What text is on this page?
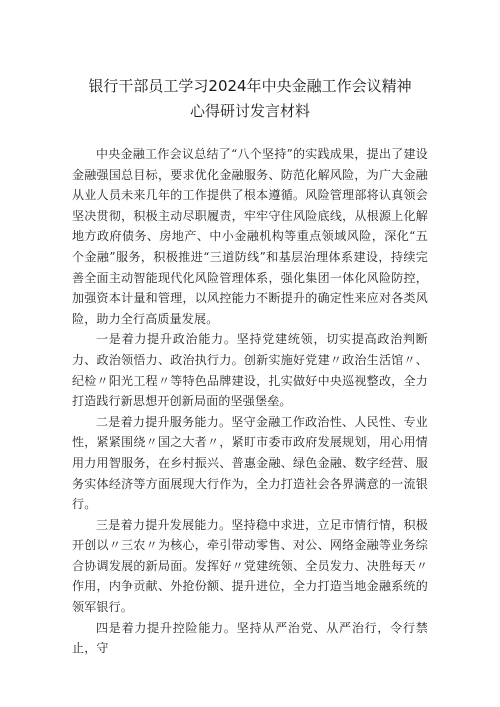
银行干部员工学习2024年中央金融工作会议精神心得研讨发言材料

中央金融工作会议总结了“八个坚持”的实践成果，提出了建设金融强国总目标，要求优化金融服务、防范化解风险，为广大金融从业人员未来几年的工作提供了根本遵循。风险管理部将认真领会坚决贯彻，积极主动尽职履责，牢牢守住风险底线，从根源上化解地方政府债务、房地产、中小金融机构等重点领域风险，深化“五个金融”服务，积极推进“三道防线”和基层治理体系建设，持续完善全面主动智能现代化风险管理体系，强化集团一体化风险防控，加强资本计量和管理，以风控能力不断提升的确定性来应对各类风险，助力全行高质量发展。

一是着力提升政治能力。坚持党建统领，切实提高政治判断力、政治领悟力、政治执行力。创新实施好党建〃政治生活馆〃、纪检〃阳光工程〃等特色品牌建设，扎实做好中央巡视整改，全力打造践行新思想开创新局面的坚强堡垒。

二是着力提升服务能力。坚守金融工作政治性、人民性、专业性，紧紧围绕〃国之大者〃，紧盯市委市政府发展规划，用心用情用力用智服务，在乡村振兴、普惠金融、绿色金融、数字经营、服务实体经济等方面展现大行作为，全力打造社会各界满意的一流银行。

三是着力提升发展能力。坚持稳中求进，立足市情行情，积极开创以〃三农〃为核心，牵引带动零售、对公、网络金融等业务综合协调发展的新局面。发挥好〃党建统领、全员发力、决胜每天〃作用，内争贡献、外抢份额、提升进位，全力打造当地金融系统的领军银行。

四是着力提升控险能力。坚持从严治党、从严治行，令行禁止，守
